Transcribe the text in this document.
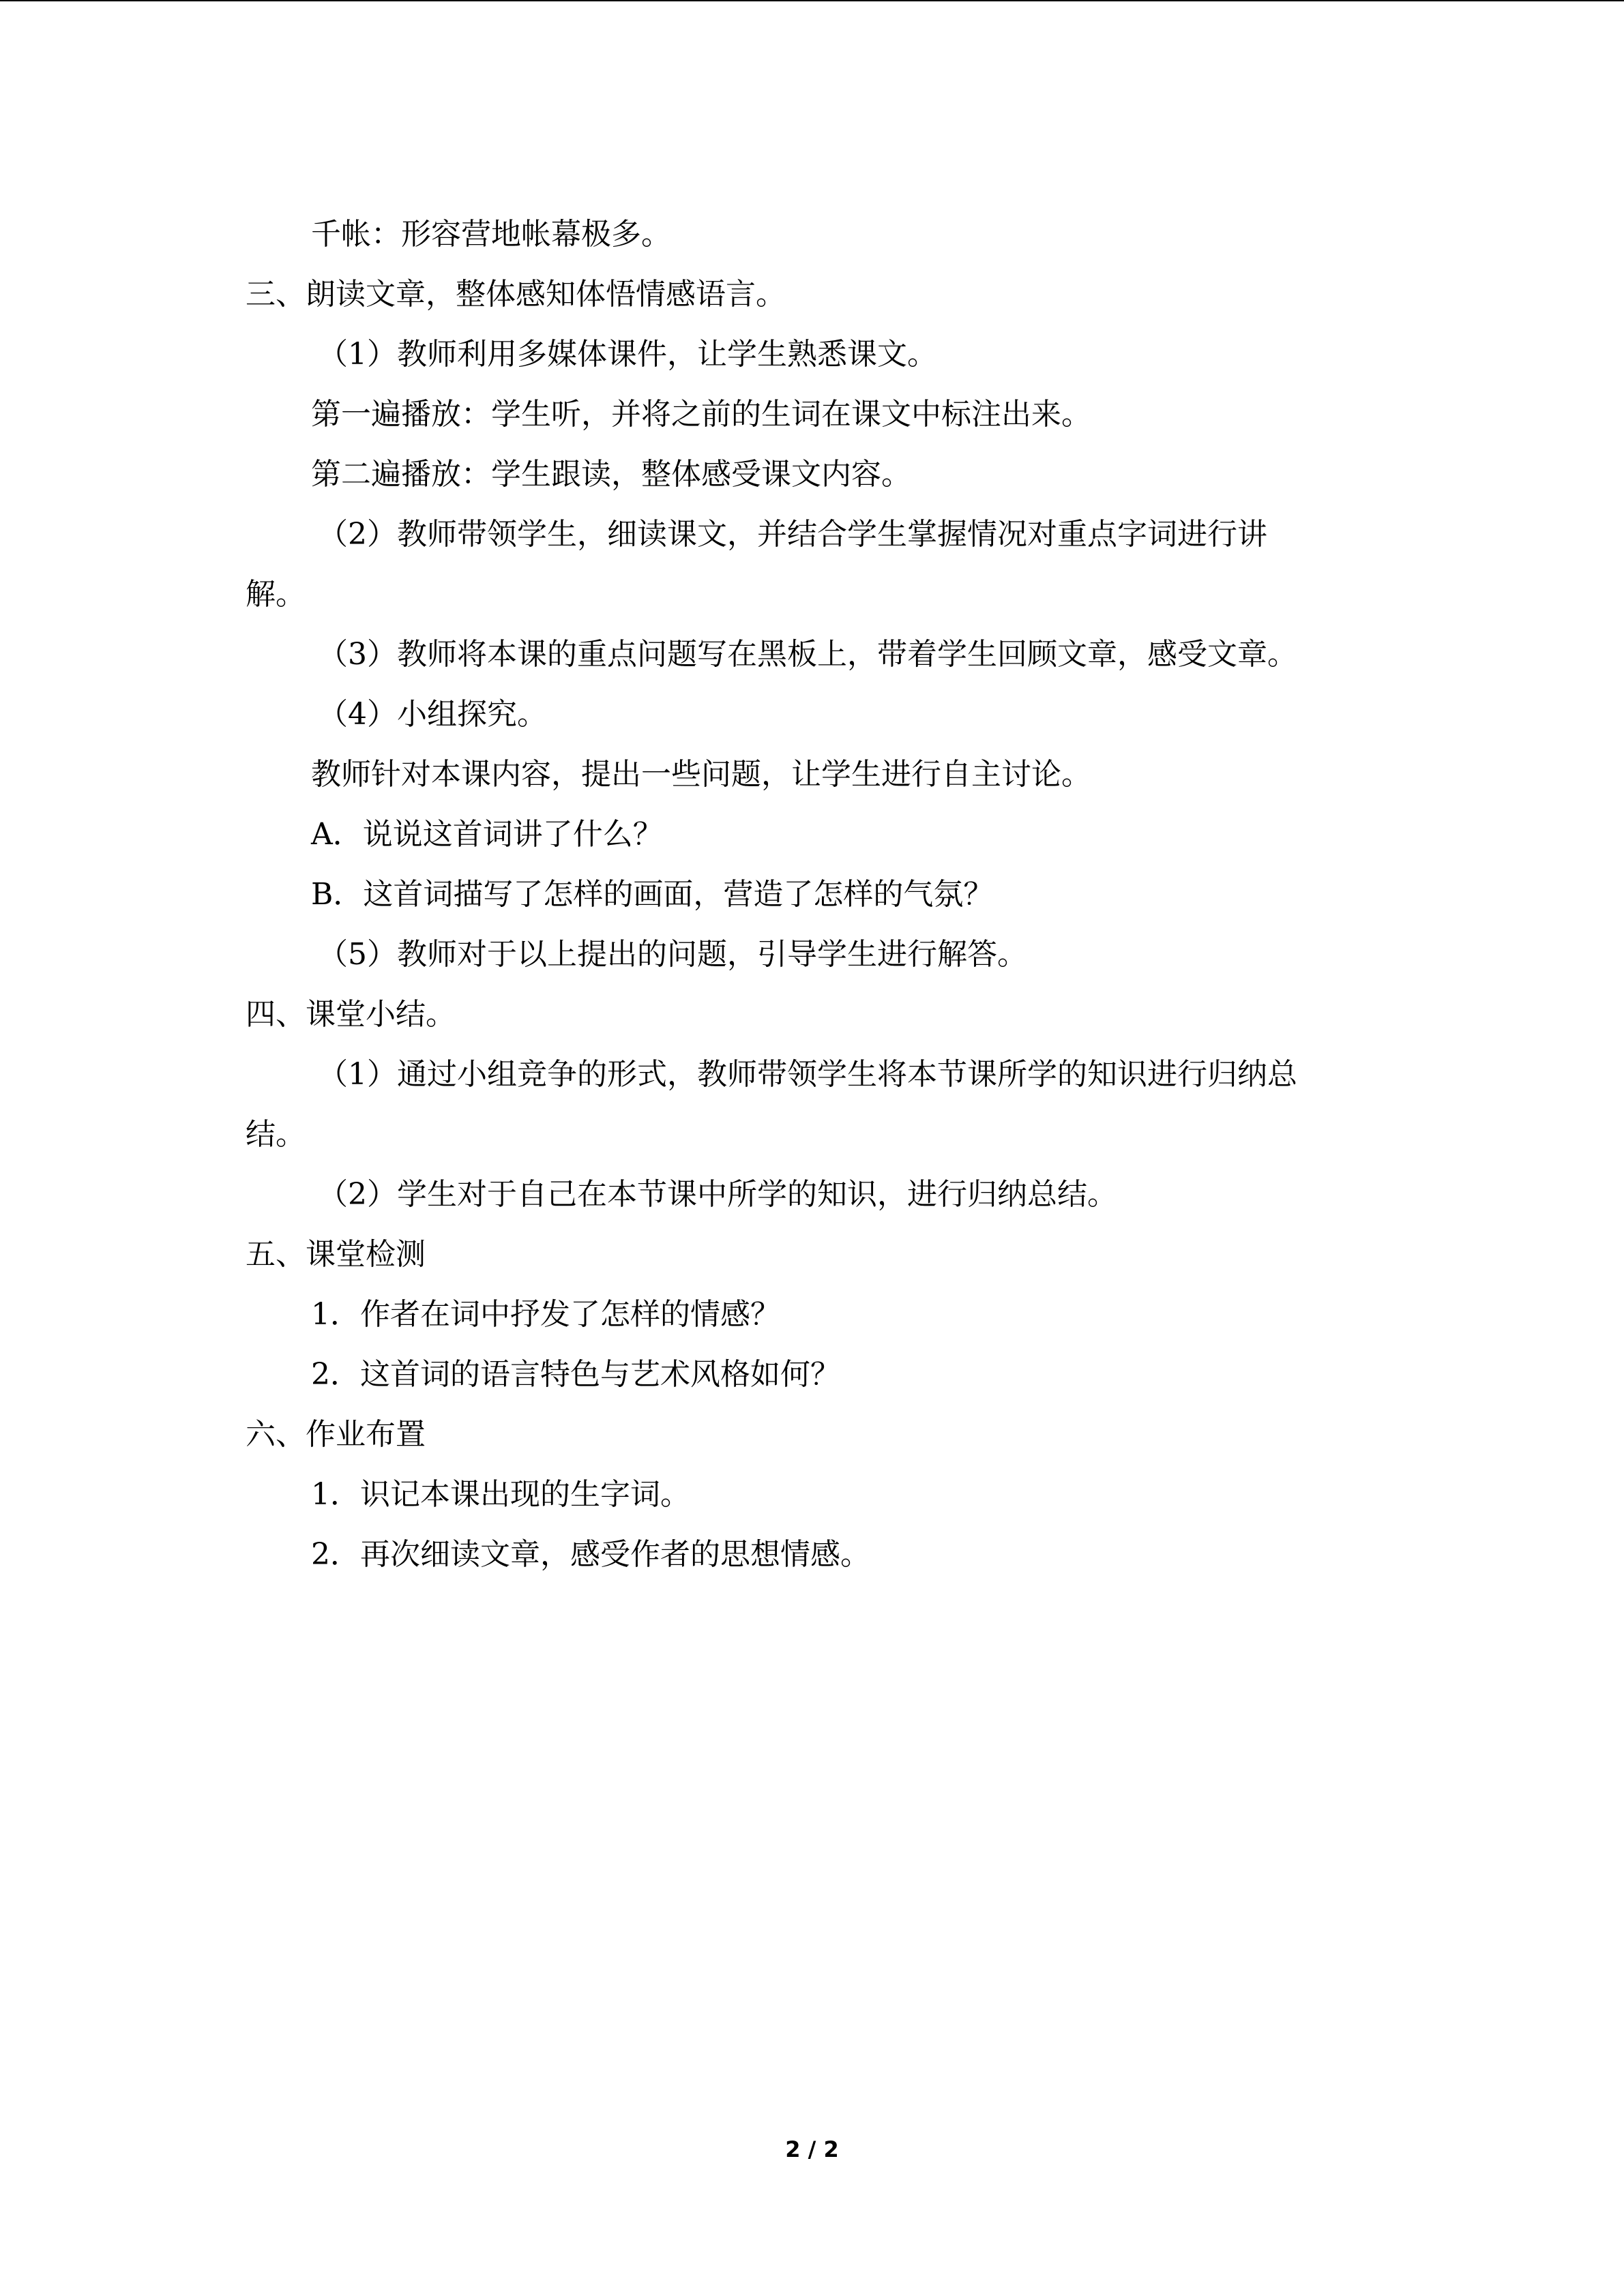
千帐：形容营地帐幕极多。
三、朗读文章，整体感知体悟情感语言。
（1）教师利用多媒体课件，让学生熟悉课文。
第一遍播放：学生听，并将之前的生词在课文中标注出来。
第二遍播放：学生跟读，整体感受课文内容。
（2）教师带领学生，细读课文，并结合学生掌握情况对重点字词进行讲
解。
（3）教师将本课的重点问题写在黑板上，带着学生回顾文章，感受文章。
（4）小组探究。
教师针对本课内容，提出一些问题，让学生进行自主讨论。
A．说说这首词讲了什么？
B．这首词描写了怎样的画面，营造了怎样的气氛？
（5）教师对于以上提出的问题，引导学生进行解答。
四、课堂小结。
（1）通过小组竞争的形式，教师带领学生将本节课所学的知识进行归纳总
结。
（2）学生对于自己在本节课中所学的知识，进行归纳总结。
五、课堂检测
1．作者在词中抒发了怎样的情感？
2．这首词的语言特色与艺术风格如何？
六、作业布置
1．识记本课出现的生字词。
2．再次细读文章，感受作者的思想情感。
2 / 2
